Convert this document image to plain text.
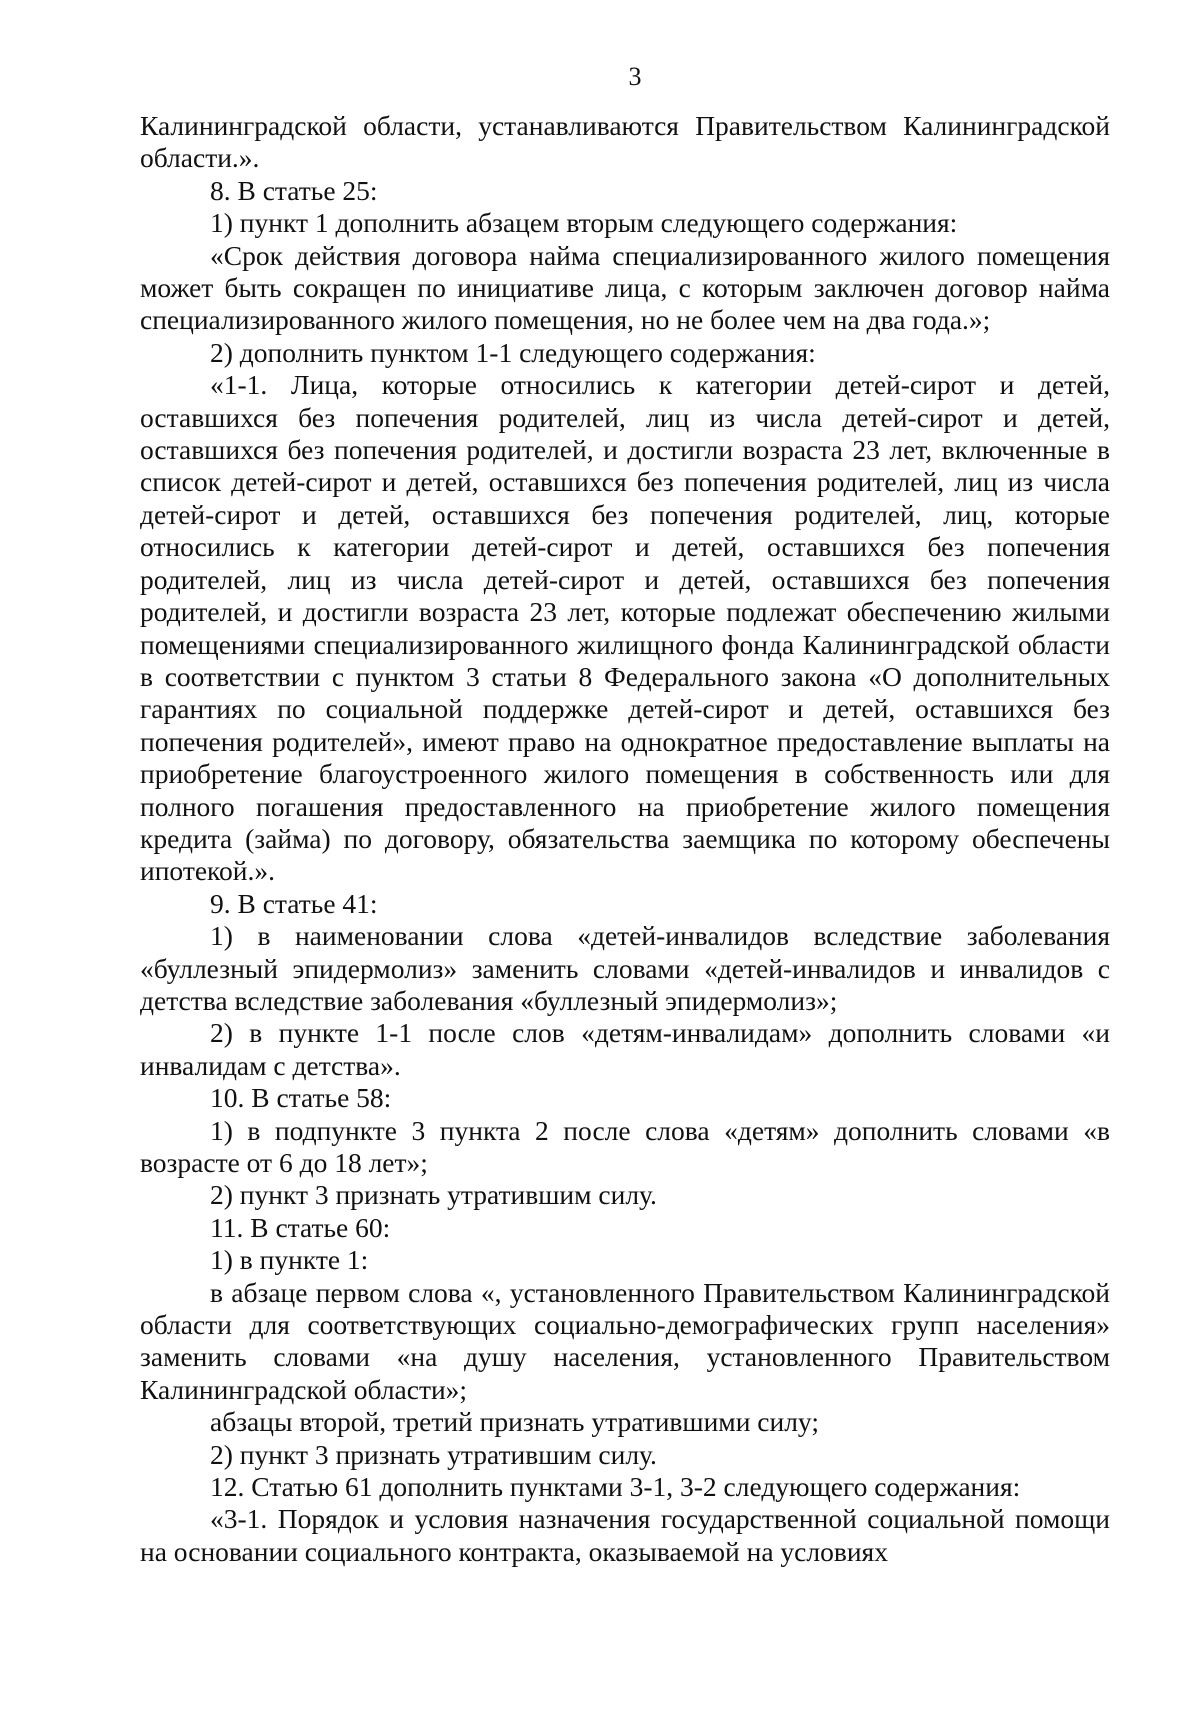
3

Калининградской области, устанавливаются Правительством Калининградской области.».

8. В статье 25:

1) пункт 1 дополнить абзацем вторым следующего содержания:

«Срок действия договора найма специализированного жилого помещения может быть сокращен по инициативе лица, с которым заключен договор найма специализированного жилого помещения, но не более чем на два года.»;

2) дополнить пунктом 1-1 следующего содержания:

«1-1. Лица, которые относились к категории детей-сирот и детей, оставшихся без попечения родителей, лиц из числа детей-сирот и детей, оставшихся без попечения родителей, и достигли возраста 23 лет, включенные в список детей-сирот и детей, оставшихся без попечения родителей, лиц из числа детей-сирот и детей, оставшихся без попечения родителей, лиц, которые относились к категории детей-сирот и детей, оставшихся без попечения родителей, лиц из числа детей-сирот и детей, оставшихся без попечения родителей, и достигли возраста 23 лет, которые подлежат обеспечению жилыми помещениями специализированного жилищного фонда Калининградской области в соответствии с пунктом 3 статьи 8 Федерального закона «О дополнительных гарантиях по социальной поддержке детей-сирот и детей, оставшихся без попечения родителей», имеют право на однократное предоставление выплаты на приобретение благоустроенного жилого помещения в собственность или для полного погашения предоставленного на приобретение жилого помещения кредита (займа) по договору, обязательства заемщика по которому обеспечены ипотекой.».

9. В статье 41:

1) в наименовании слова «детей-инвалидов вследствие заболевания «буллезный эпидермолиз» заменить словами «детей-инвалидов и инвалидов с детства вследствие заболевания «буллезный эпидермолиз»;

2) в пункте 1-1 после слов «детям-инвалидам» дополнить словами «и инвалидам с детства».

10. В статье 58:

1) в подпункте 3 пункта 2 после слова «детям» дополнить словами «в возрасте от 6 до 18 лет»;

2) пункт 3 признать утратившим силу.

11. В статье 60:

1) в пункте 1:

в абзаце первом слова «, установленного Правительством Калининградской области для соответствующих социально-демографических групп населения» заменить словами «на душу населения, установленного Правительством Калининградской области»;

абзацы второй, третий признать утратившими силу;

2) пункт 3 признать утратившим силу.

12. Статью 61 дополнить пунктами 3-1, 3-2 следующего содержания:

«3-1. Порядок и условия назначения государственной социальной помощи на основании социального контракта, оказываемой на условиях
